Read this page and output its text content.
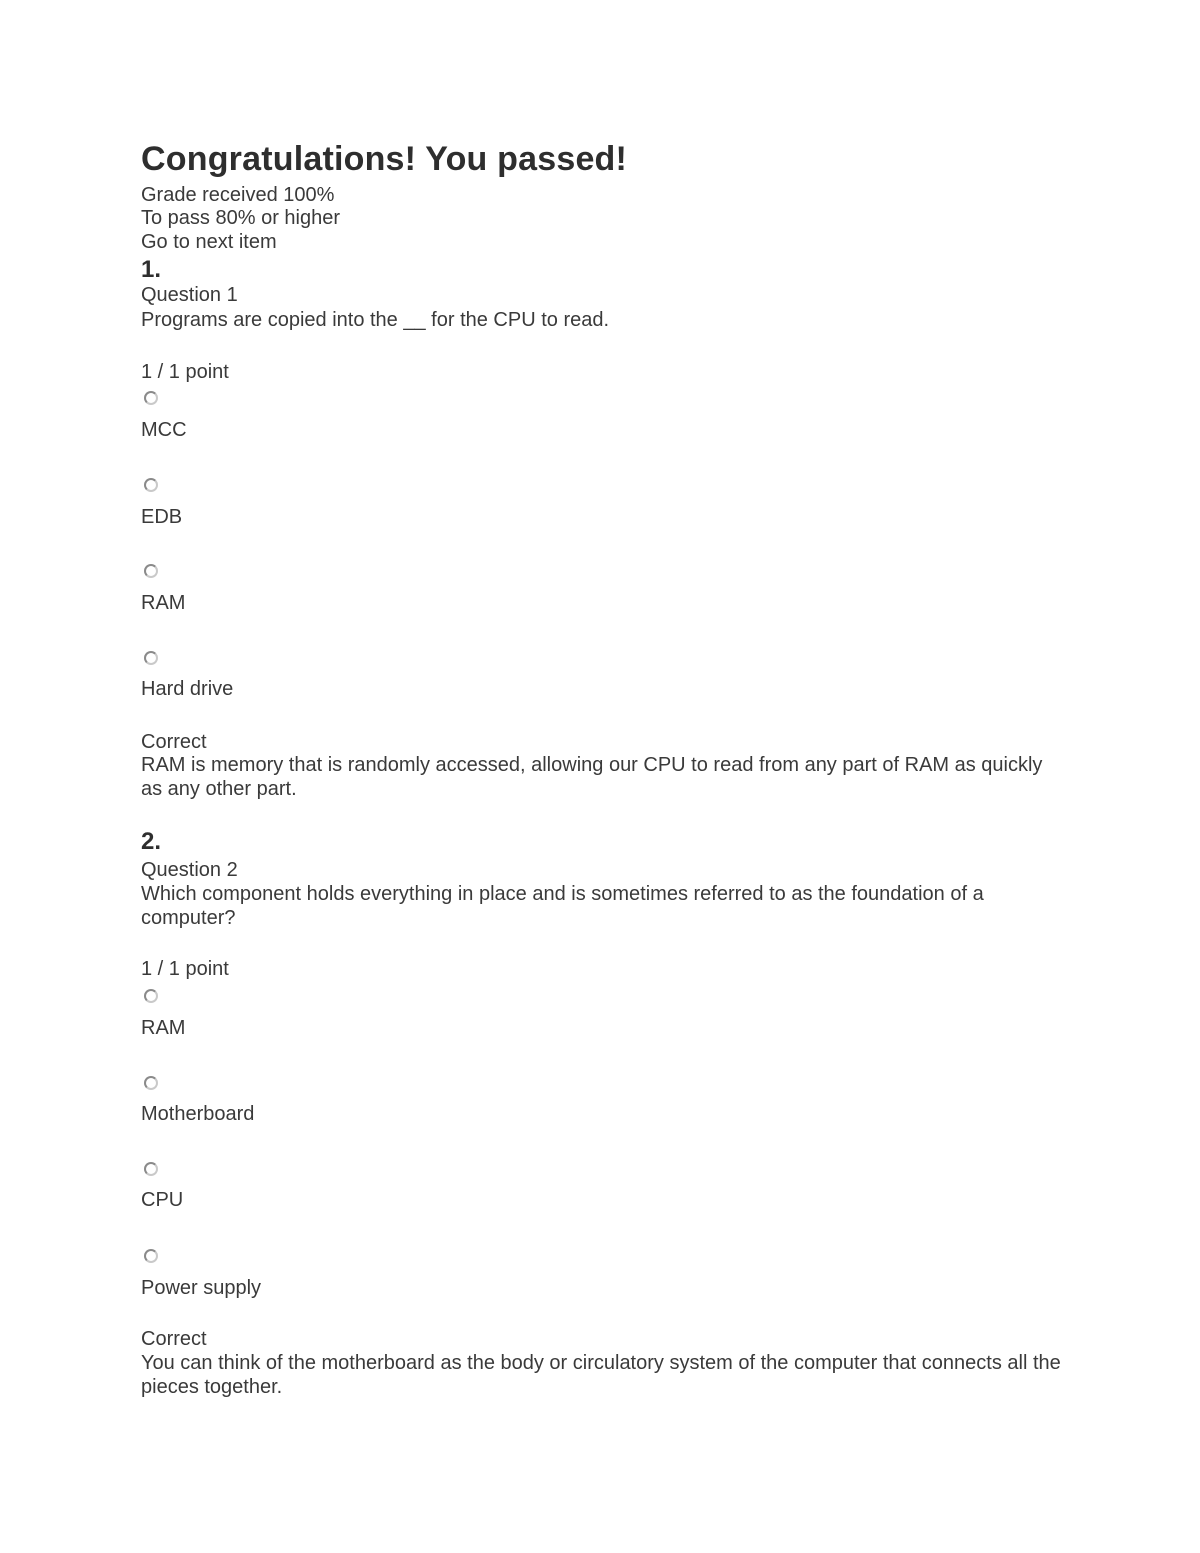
Congratulations! You passed!
Grade received 100%
To pass 80% or higher
Go to next item
1.
Question 1
Programs are copied into the __ for the CPU to read.
1 / 1 point
MCC
EDB
RAM
Hard drive
Correct
RAM is memory that is randomly accessed, allowing our CPU to read from any part of RAM as quickly as any other part.
2.
Question 2
Which component holds everything in place and is sometimes referred to as the foundation of a computer?
1 / 1 point
RAM
Motherboard
CPU
Power supply
Correct
You can think of the motherboard as the body or circulatory system of the computer that connects all the pieces together.
